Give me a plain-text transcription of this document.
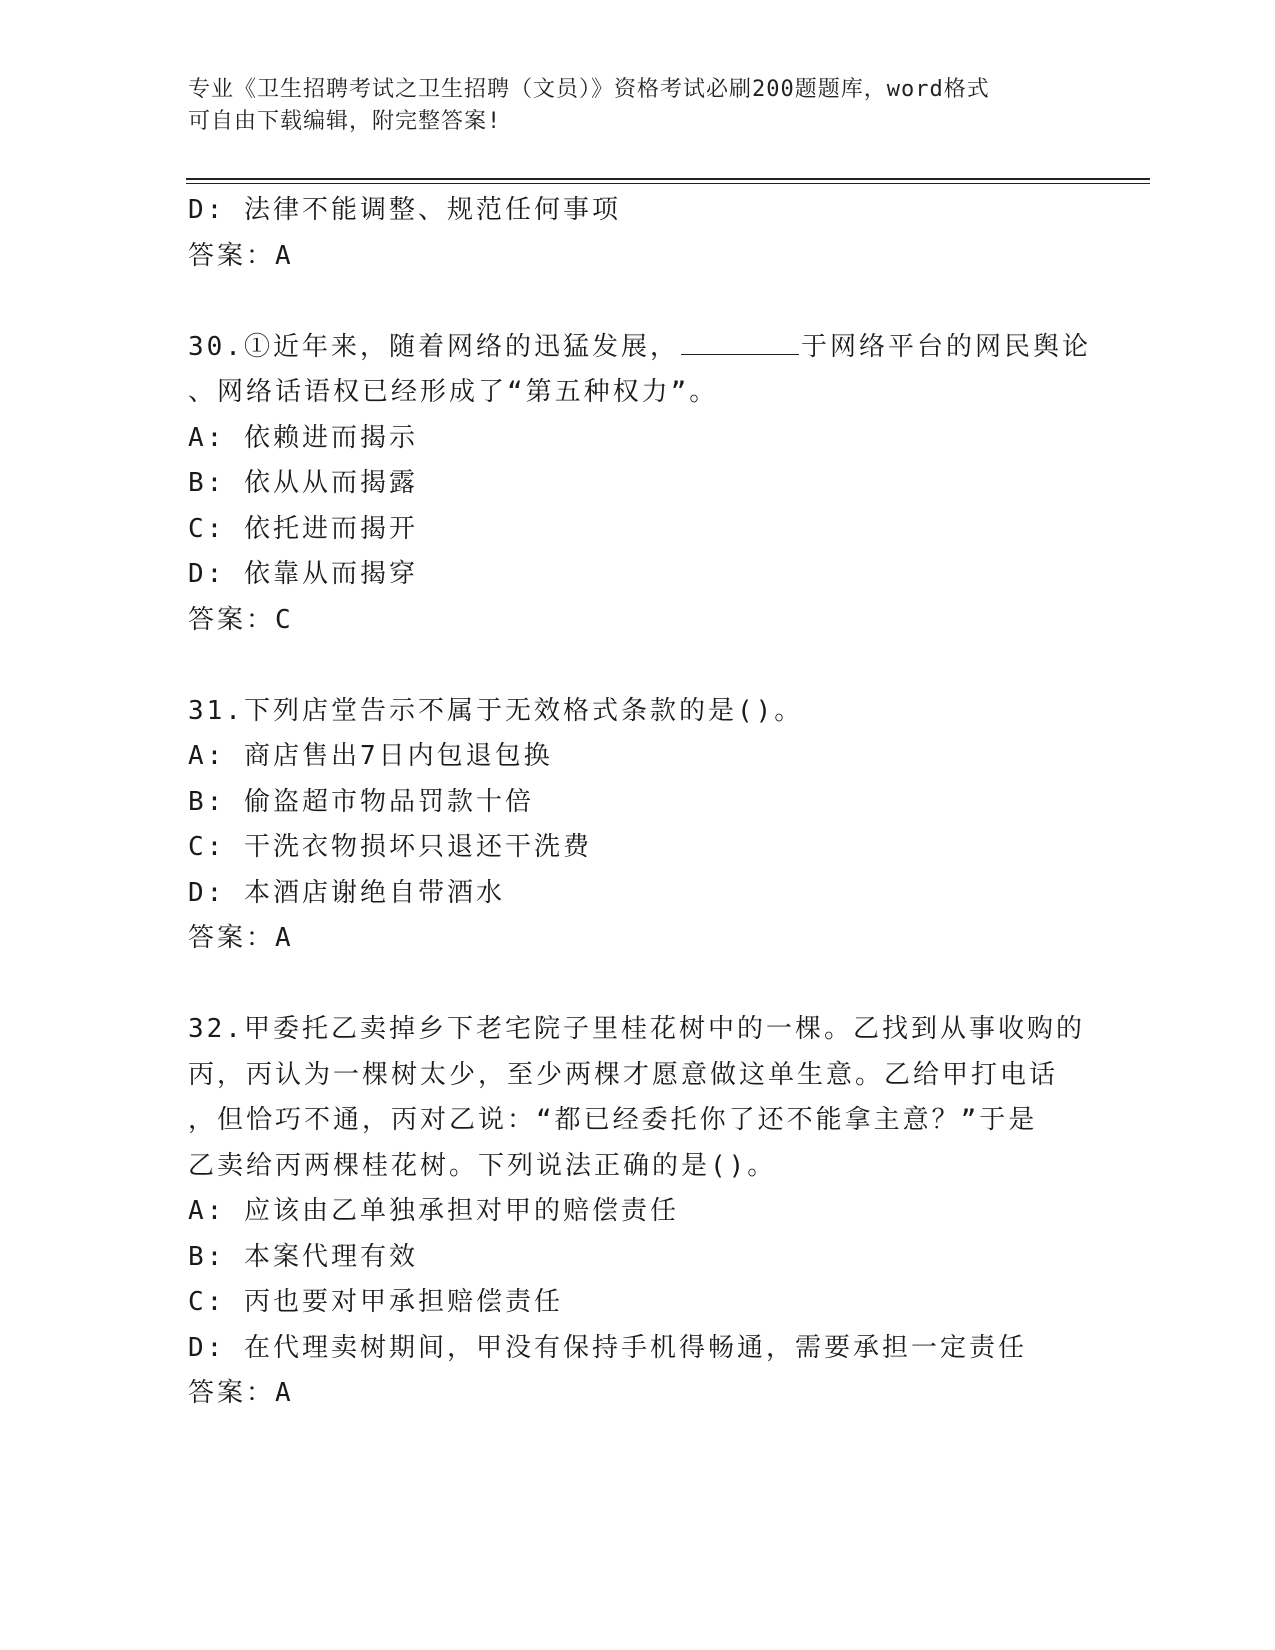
专业《卫生招聘考试之卫生招聘（文员）》资格考试必刷200题题库，word格式
可自由下载编辑，附完整答案!
D: 法律不能调整、规范任何事项
答案：A
30.①近年来，随着网络的迅猛发展，	于网络平台的网民舆论
、网络话语权已经形成了“第五种权力”。
A: 依赖进而揭示
B: 依从从而揭露
C: 依托进而揭开
D: 依靠从而揭穿
答案：C
31.下列店堂告示不属于无效格式条款的是()。
A: 商店售出7日内包退包换
B: 偷盗超市物品罚款十倍
C: 干洗衣物损坏只退还干洗费
D: 本酒店谢绝自带酒水
答案：A
32.甲委托乙卖掉乡下老宅院子里桂花树中的一棵。乙找到从事收购的
丙，丙认为一棵树太少，至少两棵才愿意做这单生意。乙给甲打电话
，但恰巧不通，丙对乙说：“都已经委托你了还不能拿主意？”于是
乙卖给丙两棵桂花树。下列说法正确的是()。
A: 应该由乙单独承担对甲的赔偿责任
B: 本案代理有效
C: 丙也要对甲承担赔偿责任
D: 在代理卖树期间，甲没有保持手机得畅通，需要承担一定责任
答案：A
